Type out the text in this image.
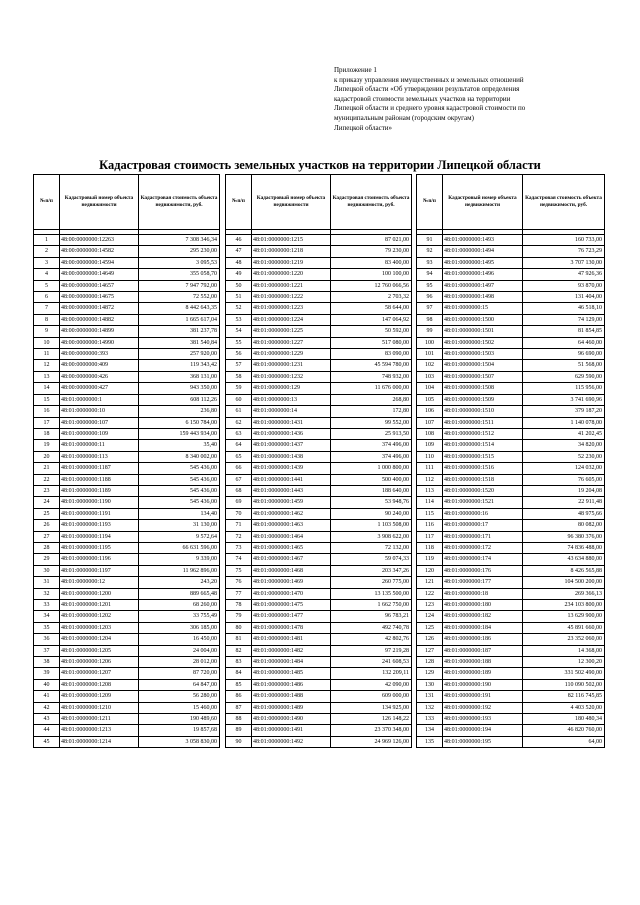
Приложение 1
к приказу управления имущественных и земельных отношений
Липецкой области «Об утверждении результатов определения
кадастровой стоимости земельных участков на территории
Липецкой области и среднего уровня кадастровой стоимости по
муниципальным районам (городским округам)
Липецкой области»
Кадастровая стоимость земельных участков на территории Липецкой области
№п/п	Кадастровый номер объекта недвижимости	Кадастровая стоимость объекта недвижимости, руб.

1	48:00:0000000:12263	7 308 346,34
2	48:00:0000000:14582	295 230,00
3	48:00:0000000:14594	3 095,53
4	48:00:0000000:14649	355 058,70
5	48:00:0000000:14657	7 947 792,00
6	48:00:0000000:14675	72 552,00
7	48:00:0000000:14872	8 442 643,35
8	48:00:0000000:14882	1 665 617,04
9	48:00:0000000:14899	381 237,78
10	48:00:0000000:14990	381 540,84
11	48:00:0000000:393	257 920,00
12	48:00:0000000:409	119 343,42
13	48:00:0000000:426	368 131,00
14	48:00:0000000:427	943 350,00
15	48:01:0000000:1	608 112,26
16	48:01:0000000:10	236,80
17	48:01:0000000:107	6 150 784,00
18	48:01:0000000:109	159 443 934,00
19	48:01:0000000:11	35,40
20	48:01:0000000:113	8 340 002,00
21	48:01:0000000:1187	545 436,00
22	48:01:0000000:1188	545 436,00
23	48:01:0000000:1189	545 436,00
24	48:01:0000000:1190	545 436,00
25	48:01:0000000:1191	134,40
26	48:01:0000000:1193	31 130,00
27	48:01:0000000:1194	9 572,64
28	48:01:0000000:1195	66 631 596,00
29	48:01:0000000:1196	9 339,00
30	48:01:0000000:1197	11 962 896,00
31	48:01:0000000:12	243,20
32	48:01:0000000:1200	889 665,48
33	48:01:0000000:1201	68 260,00
34	48:01:0000000:1202	33 755,49
35	48:01:0000000:1203	306 185,00
36	48:01:0000000:1204	16 450,00
37	48:01:0000000:1205	24 004,00
38	48:01:0000000:1206	28 012,00
39	48:01:0000000:1207	87 720,00
40	48:01:0000000:1208	64 847,00
41	48:01:0000000:1209	56 280,00
42	48:01:0000000:1210	15 460,00
43	48:01:0000000:1211	190 489,60
44	48:01:0000000:1213	19 857,68
45	48:01:0000000:1214	3 058 830,00
№п/п	Кадастровый номер объекта недвижимости	Кадастровая стоимость объекта недвижимости, руб.

46	48:01:0000000:1215	87 021,00
47	48:01:0000000:1218	79 230,00
48	48:01:0000000:1219	83 400,00
49	48:01:0000000:1220	100 100,00
50	48:01:0000000:1221	12 760 066,56
51	48:01:0000000:1222	2 703,32
52	48:01:0000000:1223	58 644,00
53	48:01:0000000:1224	147 064,92
54	48:01:0000000:1225	50 592,00
55	48:01:0000000:1227	517 080,00
56	48:01:0000000:1229	83 090,00
57	48:01:0000000:1231	45 594 780,00
58	48:01:0000000:1232	748 932,00
59	48:01:0000000:129	11 676 000,00
60	48:01:0000000:13	268,80
61	48:01:0000000:14	172,80
62	48:01:0000000:1431	99 552,00
63	48:01:0000000:1436	25 913,50
64	48:01:0000000:1437	374 496,00
65	48:01:0000000:1438	374 496,00
66	48:01:0000000:1439	1 000 800,00
67	48:01:0000000:1441	500 400,00
68	48:01:0000000:1443	188 640,00
69	48:01:0000000:1459	53 948,76
70	48:01:0000000:1462	90 240,00
71	48:01:0000000:1463	1 103 508,00
72	48:01:0000000:1464	3 908 622,00
73	48:01:0000000:1465	72 132,00
74	48:01:0000000:1467	59 074,33
75	48:01:0000000:1468	203 347,26
76	48:01:0000000:1469	260 775,00
77	48:01:0000000:1470	13 135 500,00
78	48:01:0000000:1475	1 662 750,00
79	48:01:0000000:1477	96 783,21
80	48:01:0000000:1478	492 740,78
81	48:01:0000000:1481	42 802,76
82	48:01:0000000:1482	97 219,28
83	48:01:0000000:1484	241 608,53
84	48:01:0000000:1485	132 209,11
85	48:01:0000000:1486	42 090,00
86	48:01:0000000:1488	609 000,00
87	48:01:0000000:1489	134 925,00
88	48:01:0000000:1490	126 148,22
89	48:01:0000000:1491	23 370 348,00
90	48:01:0000000:1492	24 969 126,00
№п/п	Кадастровый номер объекта недвижимости	Кадастровая стоимость объекта недвижимости, руб.

91	48:01:0000000:1493	160 733,00
92	48:01:0000000:1494	76 723,29
93	48:01:0000000:1495	3 707 130,00
94	48:01:0000000:1496	47 926,36
95	48:01:0000000:1497	93 870,00
96	48:01:0000000:1498	131 404,00
97	48:01:0000000:15	46 518,10
98	48:01:0000000:1500	74 129,00
99	48:01:0000000:1501	81 854,85
100	48:01:0000000:1502	64 460,00
101	48:01:0000000:1503	96 690,00
102	48:01:0000000:1504	51 568,00
103	48:01:0000000:1507	629 590,00
104	48:01:0000000:1508	115 956,00
105	48:01:0000000:1509	3 741 690,96
106	48:01:0000000:1510	379 187,20
107	48:01:0000000:1511	1 140 078,00
108	48:01:0000000:1512	41 202,45
109	48:01:0000000:1514	34 820,00
110	48:01:0000000:1515	52 230,00
111	48:01:0000000:1516	124 032,00
112	48:01:0000000:1518	76 605,00
113	48:01:0000000:1520	19 204,08
114	48:01:0000000:1521	22 911,48
115	48:01:0000000:16	48 975,66
116	48:01:0000000:17	80 082,00
117	48:01:0000000:171	96 380 376,00
118	48:01:0000000:172	74 836 488,00
119	48:01:0000000:174	43 634 880,00
120	48:01:0000000:176	8 426 565,88
121	48:01:0000000:177	104 500 200,00
122	48:01:0000000:18	269 366,13
123	48:01:0000000:180	234 103 800,00
124	48:01:0000000:182	13 629 900,00
125	48:01:0000000:184	45 891 660,00
126	48:01:0000000:186	23 352 060,00
127	48:01:0000000:187	14 368,00
128	48:01:0000000:188	12 300,20
129	48:01:0000000:189	331 502 490,00
130	48:01:0000000:190	110 090 502,00
131	48:01:0000000:191	82 116 745,85
132	48:01:0000000:192	4 403 520,00
133	48:01:0000000:193	180 480,34
134	48:01:0000000:194	46 820 760,00
135	48:01:0000000:195	64,00
